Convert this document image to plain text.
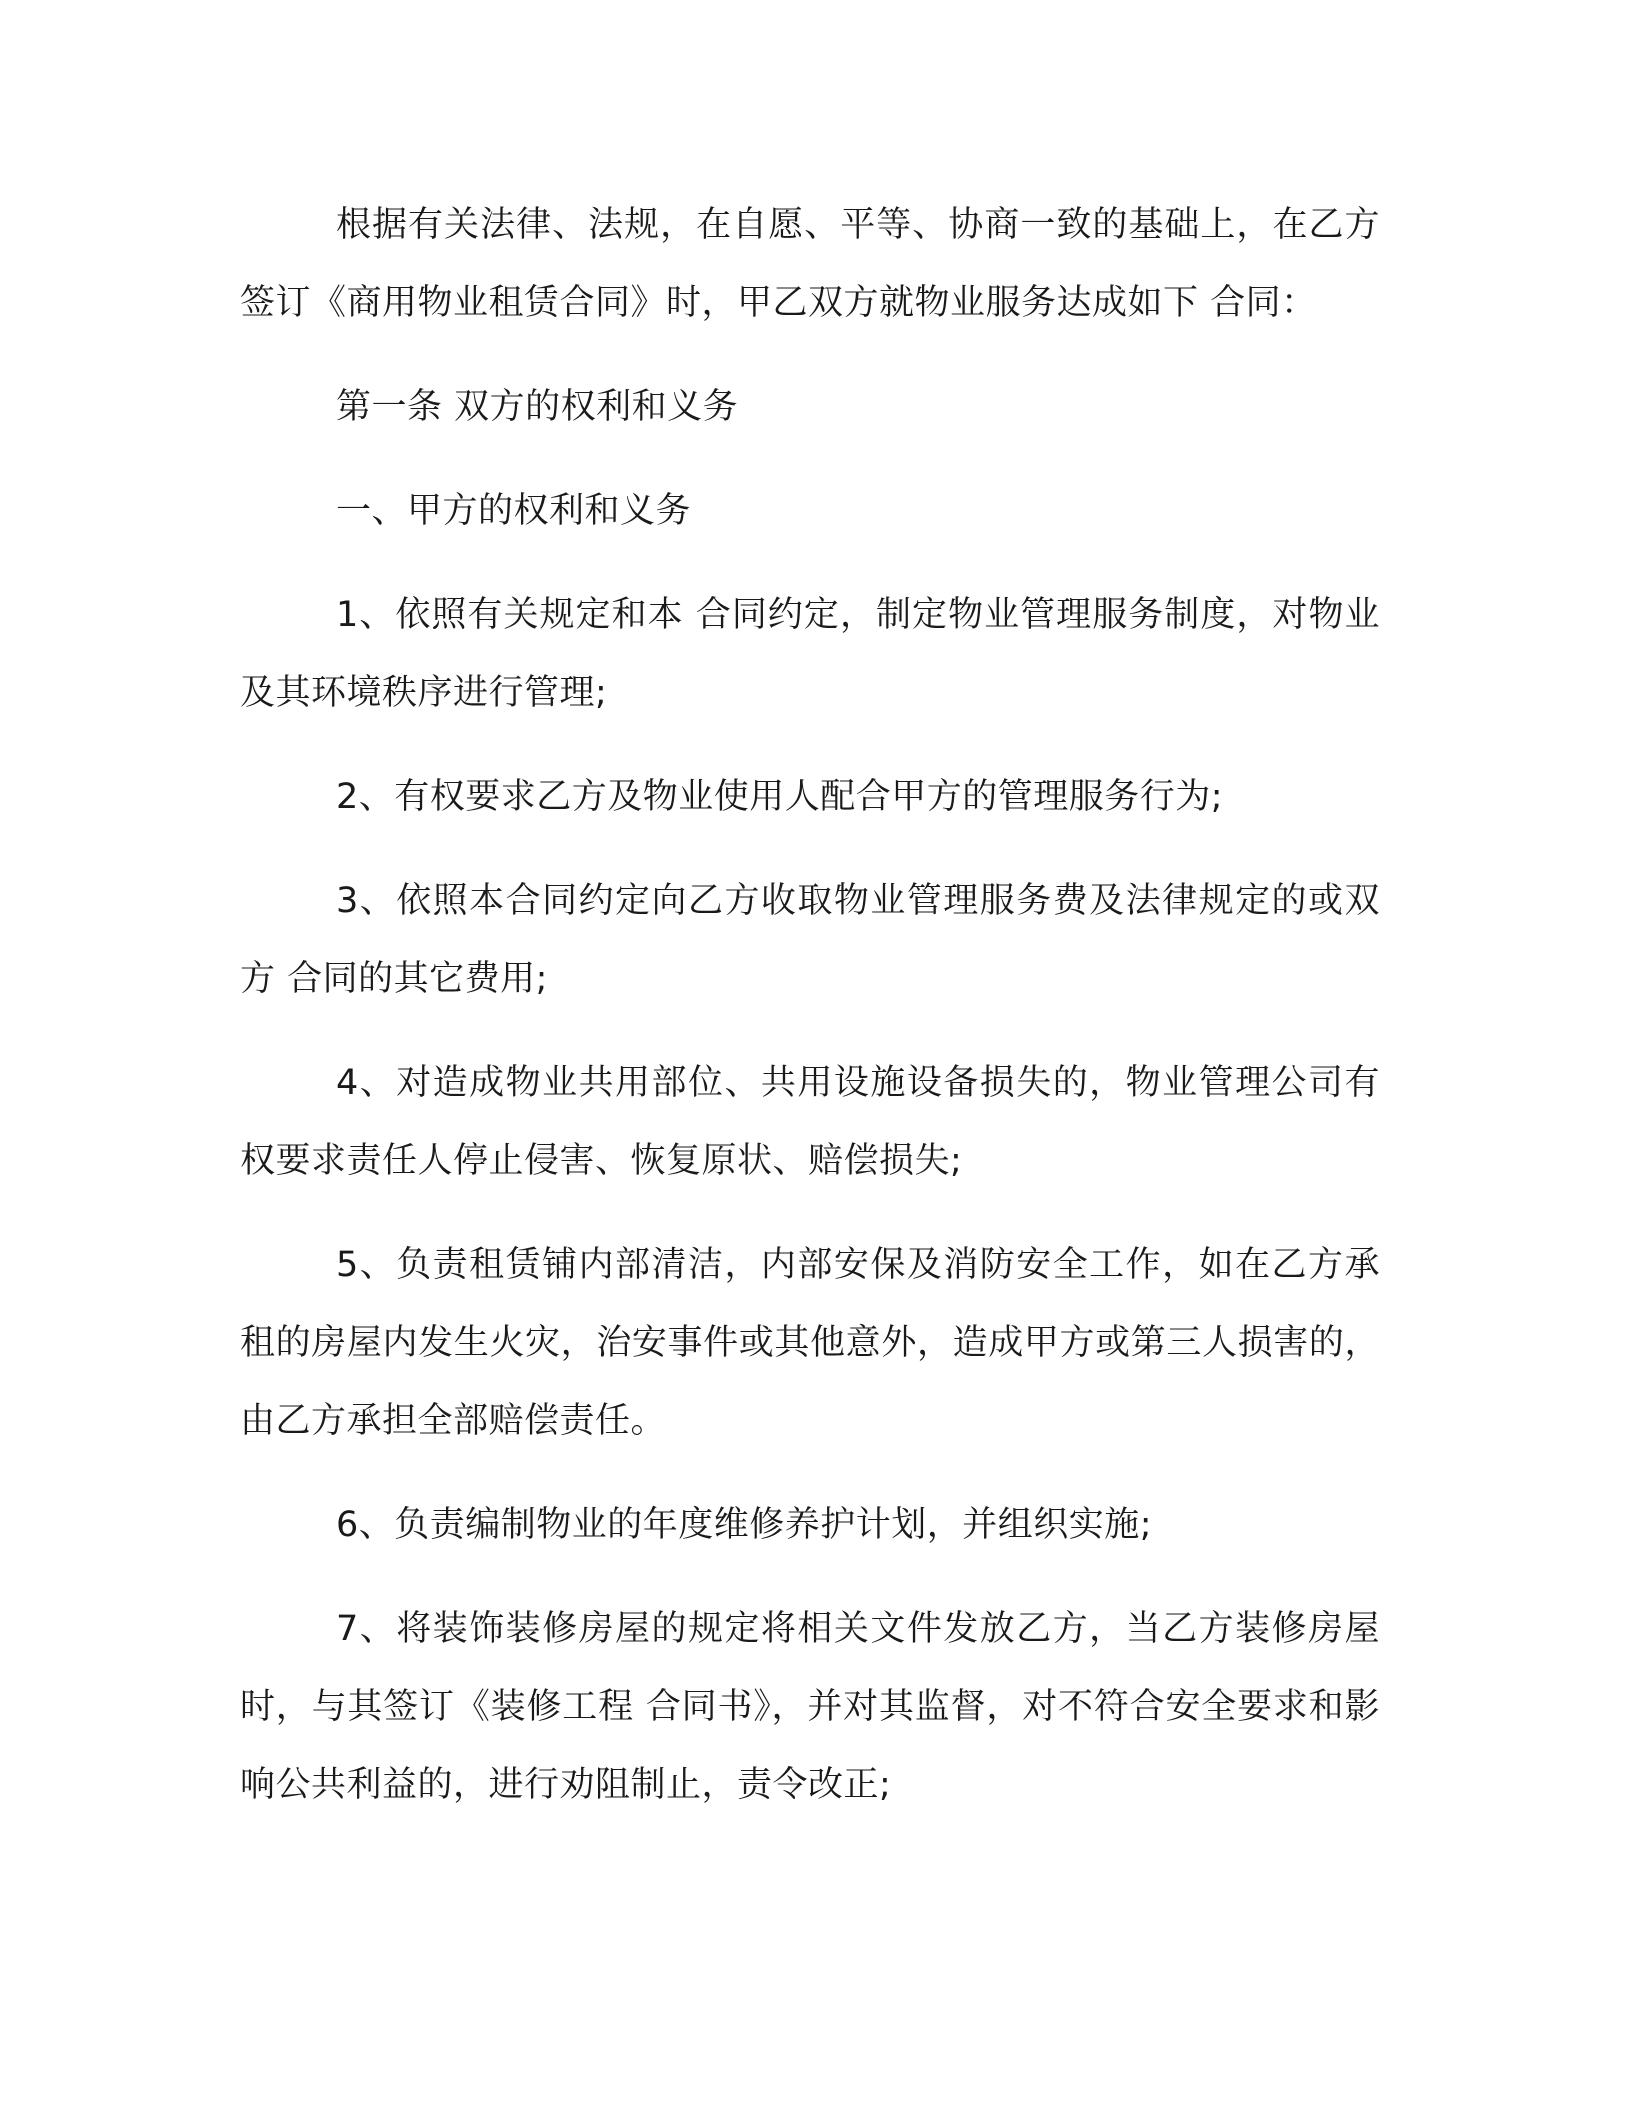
根据有关法律、法规，在自愿、平等、协商一致的基础上，在乙方签订《商用物业租赁合同》时，甲乙双方就物业服务达成如下 合同：

第一条 双方的权利和义务

一、甲方的权利和义务

1、依照有关规定和本 合同约定，制定物业管理服务制度，对物业及其环境秩序进行管理;

2、有权要求乙方及物业使用人配合甲方的管理服务行为;

3、依照本合同约定向乙方收取物业管理服务费及法律规定的或双方 合同的其它费用;

4、对造成物业共用部位、共用设施设备损失的，物业管理公司有权要求责任人停止侵害、恢复原状、赔偿损失;

5、负责租赁铺内部清洁，内部安保及消防安全工作，如在乙方承租的房屋内发生火灾，治安事件或其他意外，造成甲方或第三人损害的，由乙方承担全部赔偿责任。

6、负责编制物业的年度维修养护计划，并组织实施;

7、将装饰装修房屋的规定将相关文件发放乙方，当乙方装修房屋时，与其签订《装修工程 合同书》，并对其监督，对不符合安全要求和影响公共利益的，进行劝阻制止，责令改正;
